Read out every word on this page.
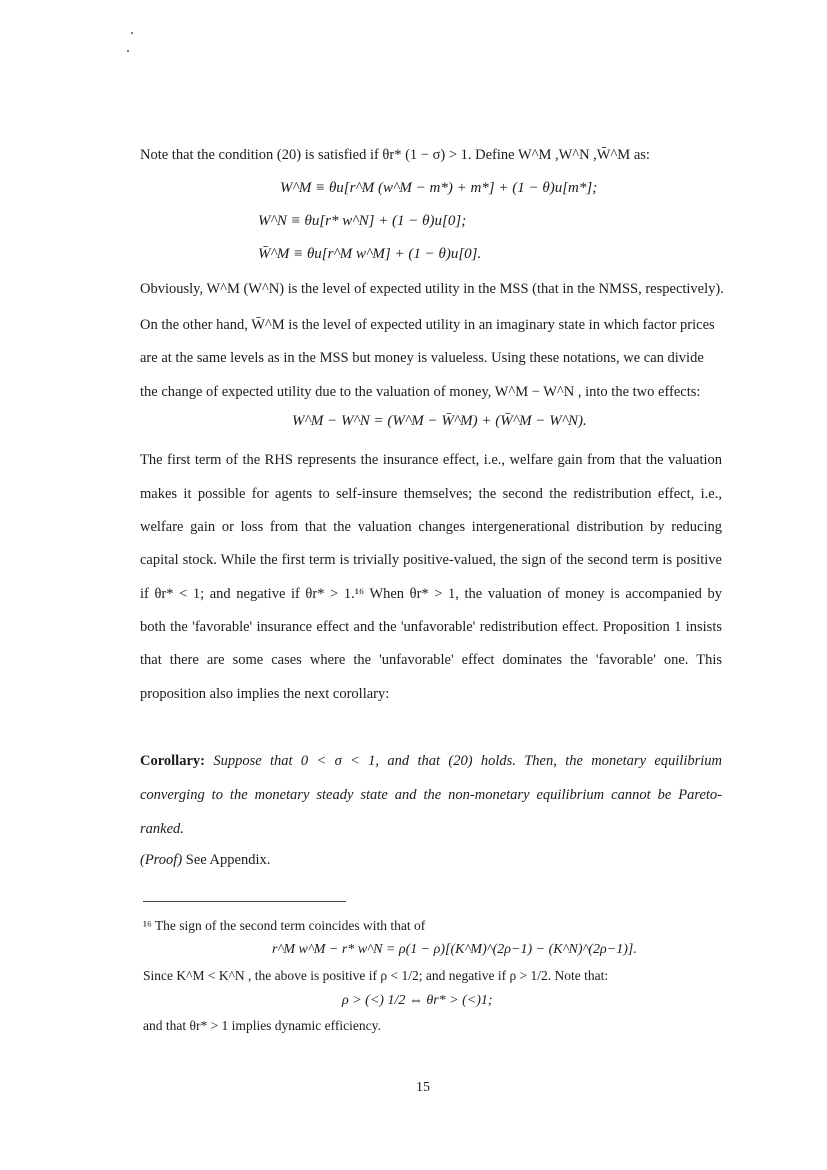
Note that the condition (20) is satisfied if θr* (1 − σ) > 1. Define W^M ,W^N ,W̄^M as:
W^M ≡ θu[r^M (w^M − m*) + m*] + (1 − θ)u[m*];
W^N ≡ θu[r* w^N] + (1 − θ)u[0];
W̄^M ≡ θu[r^M w^M] + (1 − θ)u[0].
Obviously, W^M (W^N) is the level of expected utility in the MSS (that in the NMSS, respectively).
On the other hand, W̄^M is the level of expected utility in an imaginary state in which factor prices
are at the same levels as in the MSS but money is valueless. Using these notations, we can divide
the change of expected utility due to the valuation of money, W^M − W^N , into the two effects:
W^M − W^N = (W^M − W̄^M) + (W̄^M − W^N).
The first term of the RHS represents the insurance effect, i.e., welfare gain from that the valuation
makes it possible for agents to self-insure themselves; the second the redistribution effect, i.e.,
welfare gain or loss from that the valuation changes intergenerational distribution by reducing
capital stock. While the first term is trivially positive-valued, the sign of the second term is positive
if θr* < 1; and negative if θr* > 1.¹⁶ When θr* > 1, the valuation of money is accompanied by
both the 'favorable' insurance effect and the 'unfavorable' redistribution effect. Proposition 1 insists
that there are some cases where the 'unfavorable' effect dominates the 'favorable' one. This
proposition also implies the next corollary:
Corollary: Suppose that 0 < σ < 1, and that (20) holds. Then, the monetary equilibrium
converging to the monetary steady state and the non-monetary equilibrium cannot be Pareto-
ranked.
(Proof) See Appendix.
¹⁶ The sign of the second term coincides with that of
r^M w^M − r* w^N = ρ(1 − ρ)[(K^M)^(2ρ−1) − (K^N)^(2ρ−1)].
Since K^M < K^N , the above is positive if ρ < 1/2; and negative if ρ > 1/2. Note that:
ρ > (<) 1/2 ⇔ θr* > (<)1;
and that θr* > 1 implies dynamic efficiency.
15
